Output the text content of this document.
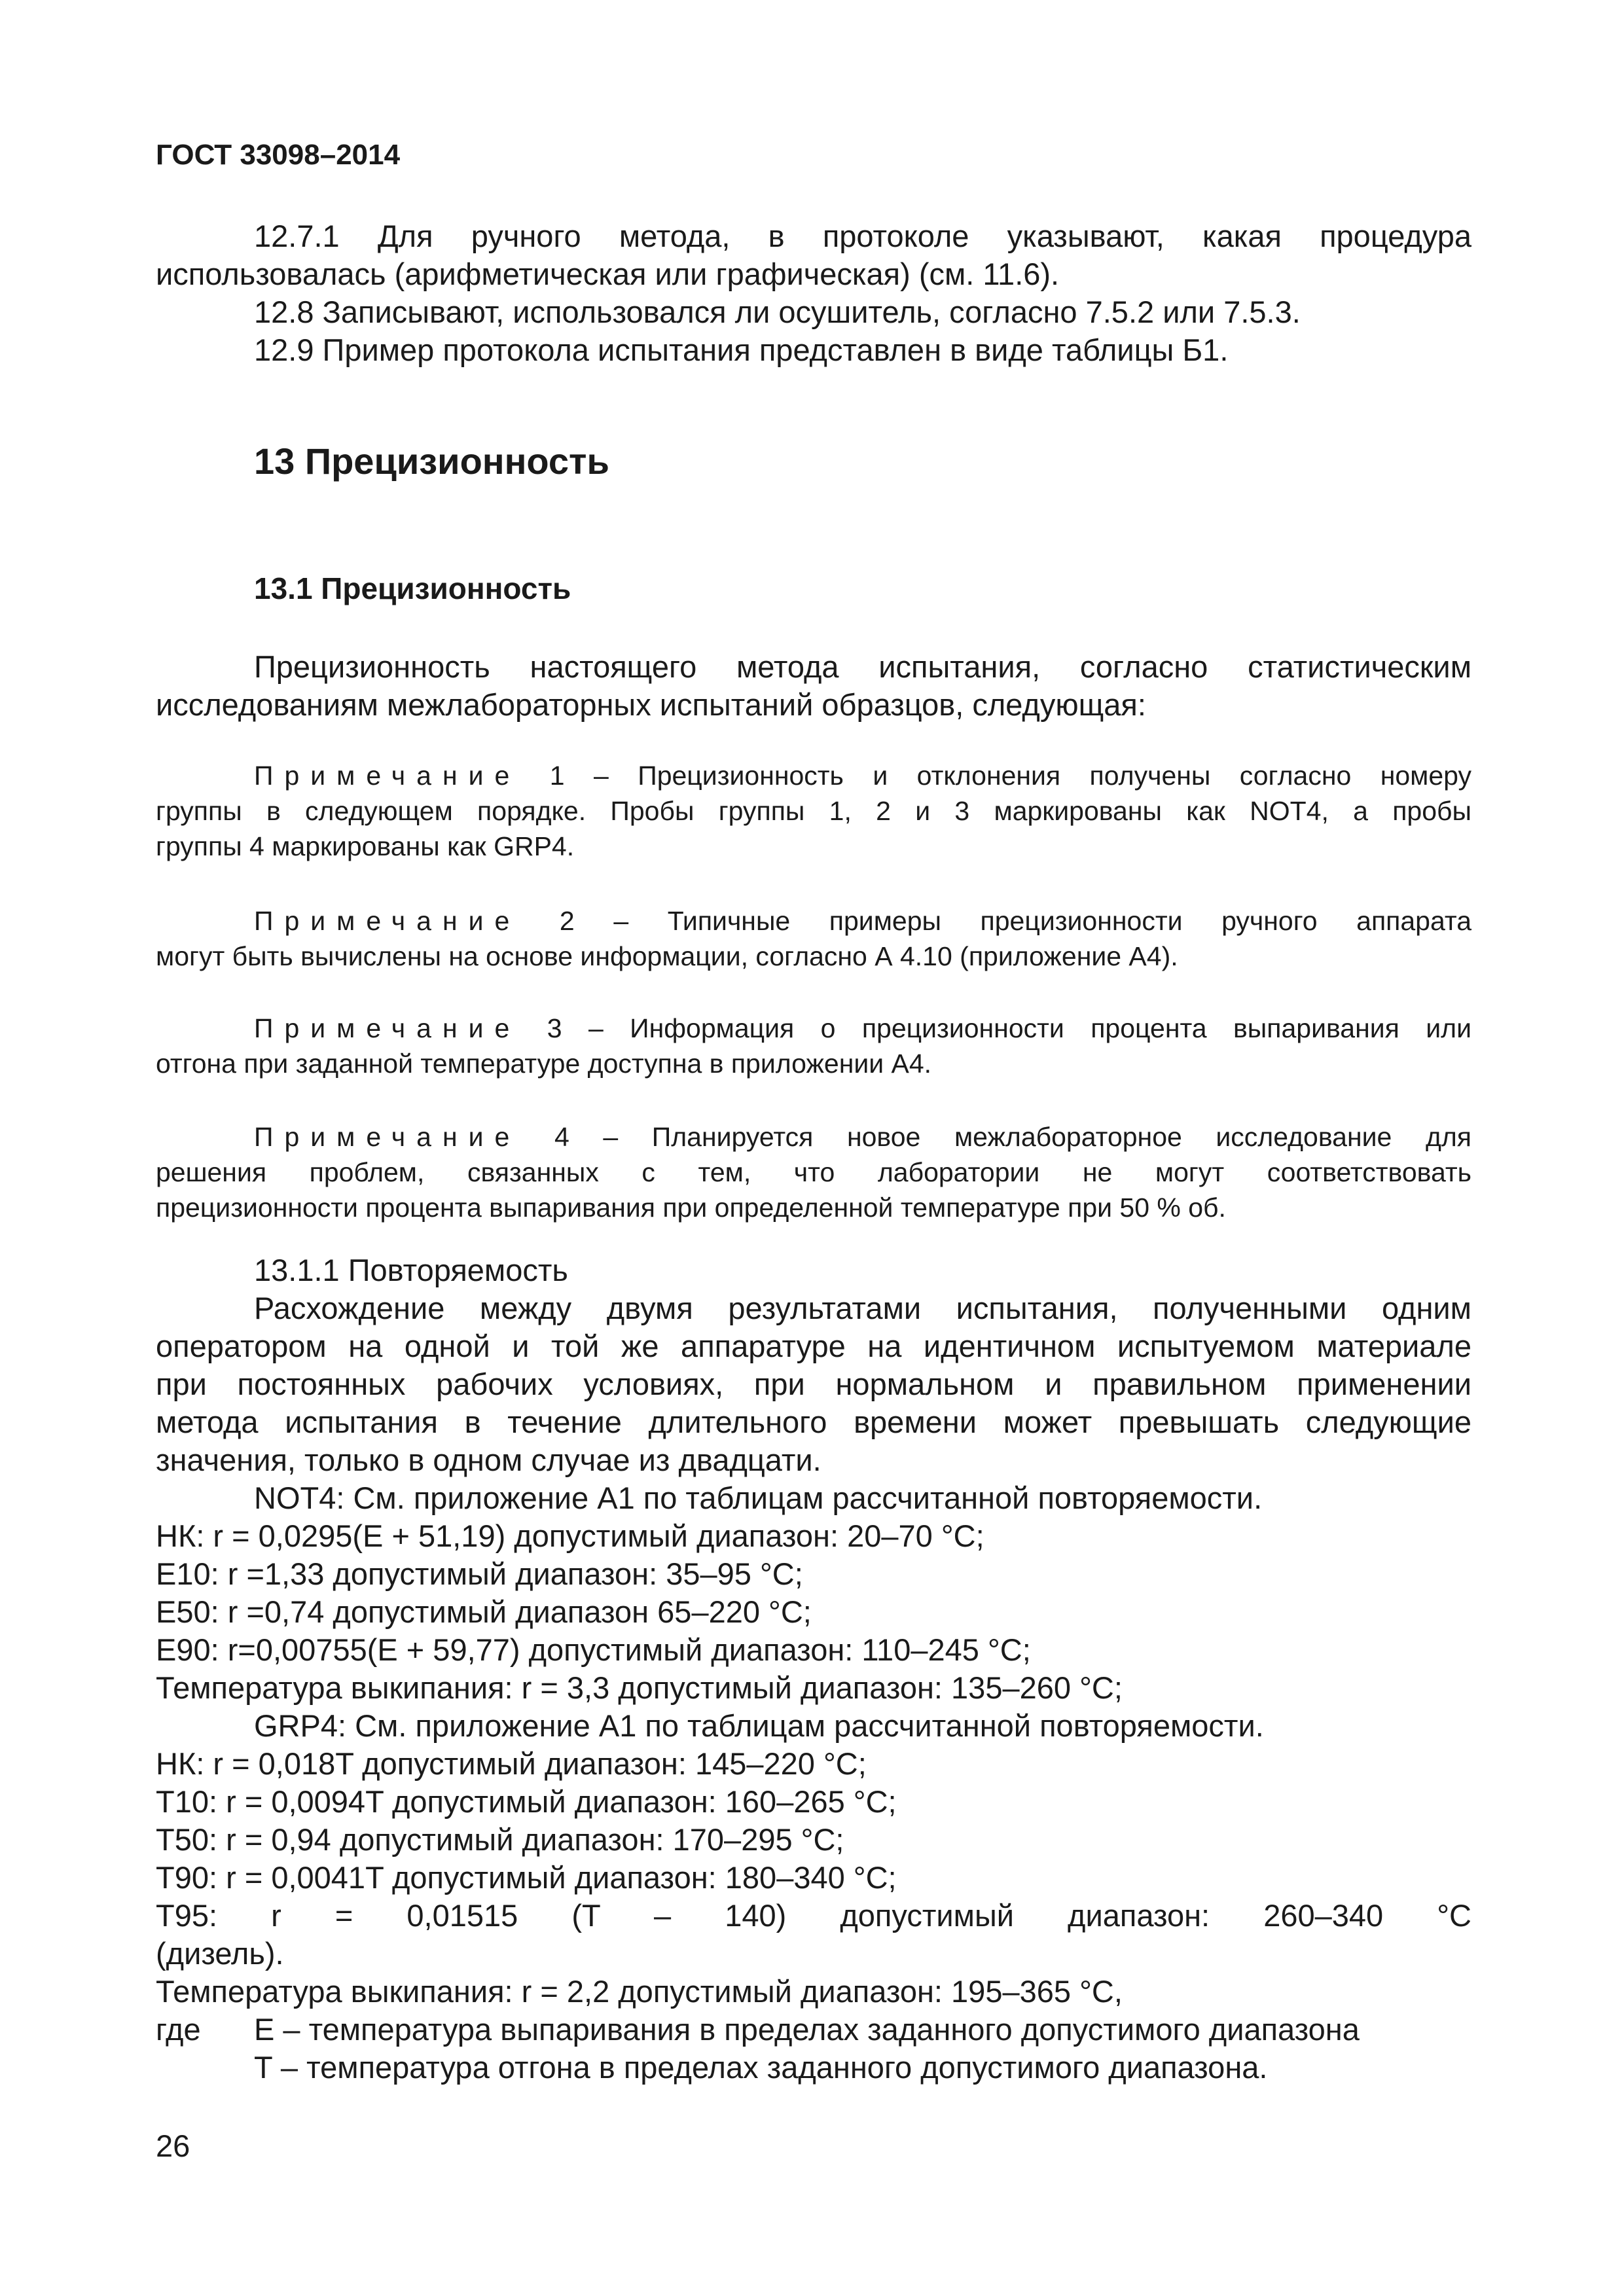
ГОСТ 33098–2014
12.7.1 Для ручного метода, в протоколе указывают, какая процедура
использовалась (арифметическая или графическая) (см. 11.6).
12.8 Записывают, использовался ли осушитель, согласно 7.5.2 или 7.5.3.
12.9 Пример протокола испытания представлен в виде таблицы Б1.
13 Прецизионность
13.1 Прецизионность
Прецизионность настоящего метода испытания, согласно статистическим
исследованиям межлабораторных испытаний образцов, следующая:
Примечание 1 – Прецизионность и отклонения получены согласно номеру
группы в следующем порядке. Пробы группы 1, 2 и 3 маркированы как NOT4, а пробы
группы 4 маркированы как GRP4.
Примечание 2 – Типичные примеры прецизионности ручного аппарата
могут быть вычислены на основе информации, согласно А 4.10 (приложение А4).
Примечание 3 – Информация о прецизионности процента выпаривания или
отгона при заданной температуре доступна в приложении А4.
Примечание 4 – Планируется новое межлабораторное исследование для
решения проблем, связанных с тем, что лаборатории не могут соответствовать
прецизионности процента выпаривания при определенной температуре при 50 % об.
13.1.1 Повторяемость
Расхождение между двумя результатами испытания, полученными одним
оператором на одной и той же аппаратуре на идентичном испытуемом материале
при постоянных рабочих условиях, при нормальном и правильном применении
метода испытания в течение длительного времени может превышать следующие
значения, только в одном случае из двадцати.
NOT4: См. приложение А1 по таблицам рассчитанной повторяемости.
НК: r = 0,0295(E + 51,19) допустимый диапазон: 20–70 °С;
E10: r =1,33 допустимый диапазон: 35–95 °С;
E50: r =0,74 допустимый диапазон 65–220 °С;
E90: r=0,00755(E + 59,77) допустимый диапазон: 110–245 °С;
Температура выкипания: r = 3,3 допустимый диапазон: 135–260 °С;
GRP4: См. приложение А1 по таблицам рассчитанной повторяемости.
НК: r = 0,018T допустимый диапазон: 145–220 °С;
T10: r = 0,0094T допустимый диапазон: 160–265 °С;
T50: r = 0,94 допустимый диапазон: 170–295 °С;
T90: r = 0,0041T допустимый диапазон: 180–340 °С;
T95: r = 0,01515 (T – 140) допустимый диапазон: 260–340 °С
(дизель).
Температура выкипания: r = 2,2 допустимый диапазон: 195–365 °С,
где E – температура выпаривания в пределах заданного допустимого диапазона
T – температура отгона в пределах заданного допустимого диапазона.
26
